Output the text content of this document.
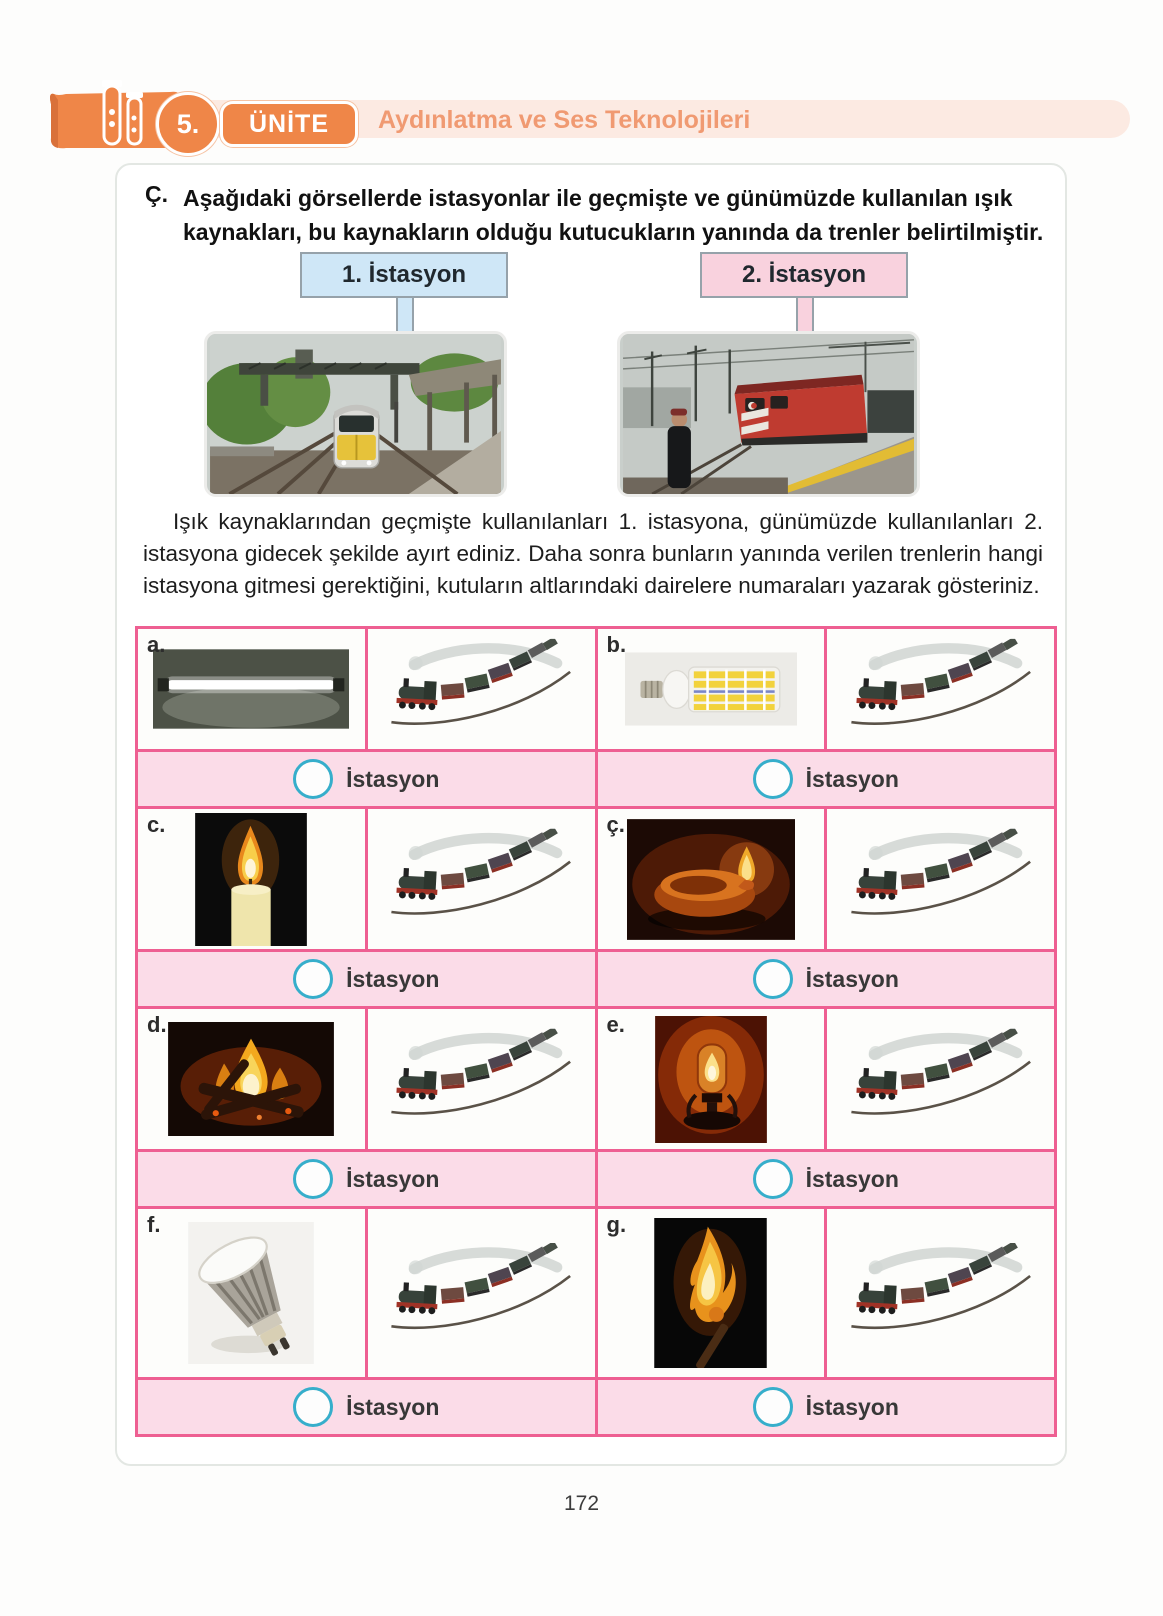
5. ÜNİTE Aydınlatma ve Ses Teknolojileri
Ç. Aşağıdaki görsellerde istasyonlar ile geçmişte ve günümüzde kullanılan ışık kaynakları, bu kaynakların olduğu kutucukların yanında da trenler belirtilmiştir.
1. İstasyon	2. İstasyon
Işık kaynaklarından geçmişte kullanılanları 1. istasyona, günümüzde kullanılanları 2. istasyona gidecek şekilde ayırt ediniz. Daha sonra bunların yanında verilen trenlerin hangi istasyona gitmesi gerektiğini, kutuların altlarındaki dairelere numaraları yazarak gösteriniz.
a.
İstasyon
b.
İstasyon
c.
İstasyon
ç.
İstasyon
d.
İstasyon
e.
İstasyon
f.
İstasyon
g.
İstasyon
172
